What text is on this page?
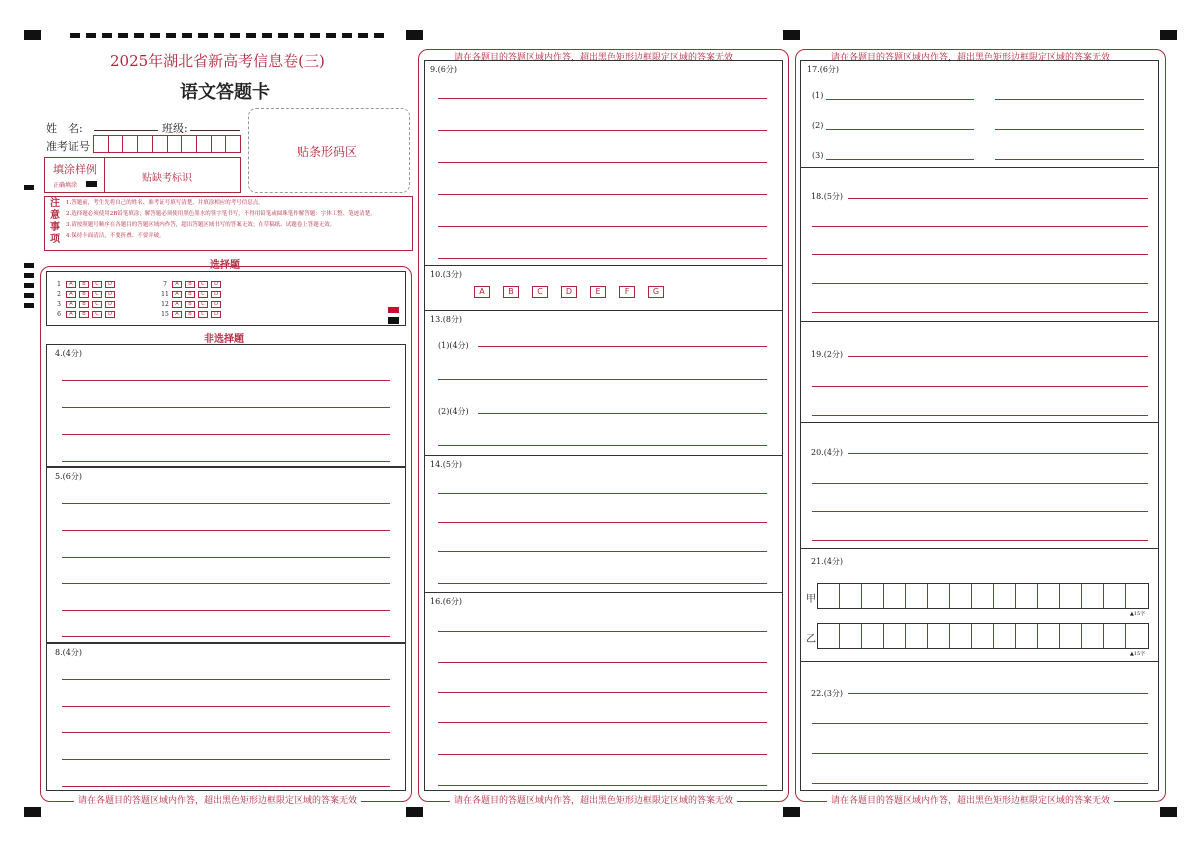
2025年湖北省新高考信息卷(三)
语文答题卡
姓　名:	班级:
准考证号
填涂样例
正确填涂
贴缺考标识
贴条形码区
注
意
事
项
1.答题前，考生先将自己的姓名、准考证号填写清楚，并填涂相应的考号信息点。
2.选择题必须使用2B铅笔填涂；解答题必须使用黑色墨水的签字笔书写，不得用铅笔或圆珠笔作解答题：字体工整、笔迹清楚。
3.请按照题号顺序在各题目的答题区域内作答，超出答题区域书写的答案无效；在草稿纸、试题卷上答题无效。
4.保持卡面清洁，不要折叠、不要弄破。
选择题
1	A	B	C	D
2	A	B	C	D
3	A	B	C	D
6	A	B	C	D
7	A	B	C	D
11	A	B	C	D
12	A	B	C	D
15	A	B	C	D
非选择题
4.(4分)
5.(6分)
8.(4分)
请在各题目的答题区域内作答，超出黑色矩形边框限定区域的答案无效
请在各题目的答题区域内作答，超出黑色矩形边框限定区域的答案无效
请在各题目的答题区域内作答，超出黑色矩形边框限定区域的答案无效
9.(6分)
10.(3分)
A	B	C	D	E	F	G
13.(8分)
(1)(4分)
(2)(4分)
14.(5分)
16.(6分)
请在各题目的答题区域内作答，超出黑色矩形边框限定区域的答案无效
请在各题目的答题区域内作答，超出黑色矩形边框限定区域的答案无效
17.(6分)
(1)
(2)
(3)
18.(5分)
19.(2分)
20.(4分)
21.(4分)
甲
▲15字
乙
▲15字
22.(3分)
